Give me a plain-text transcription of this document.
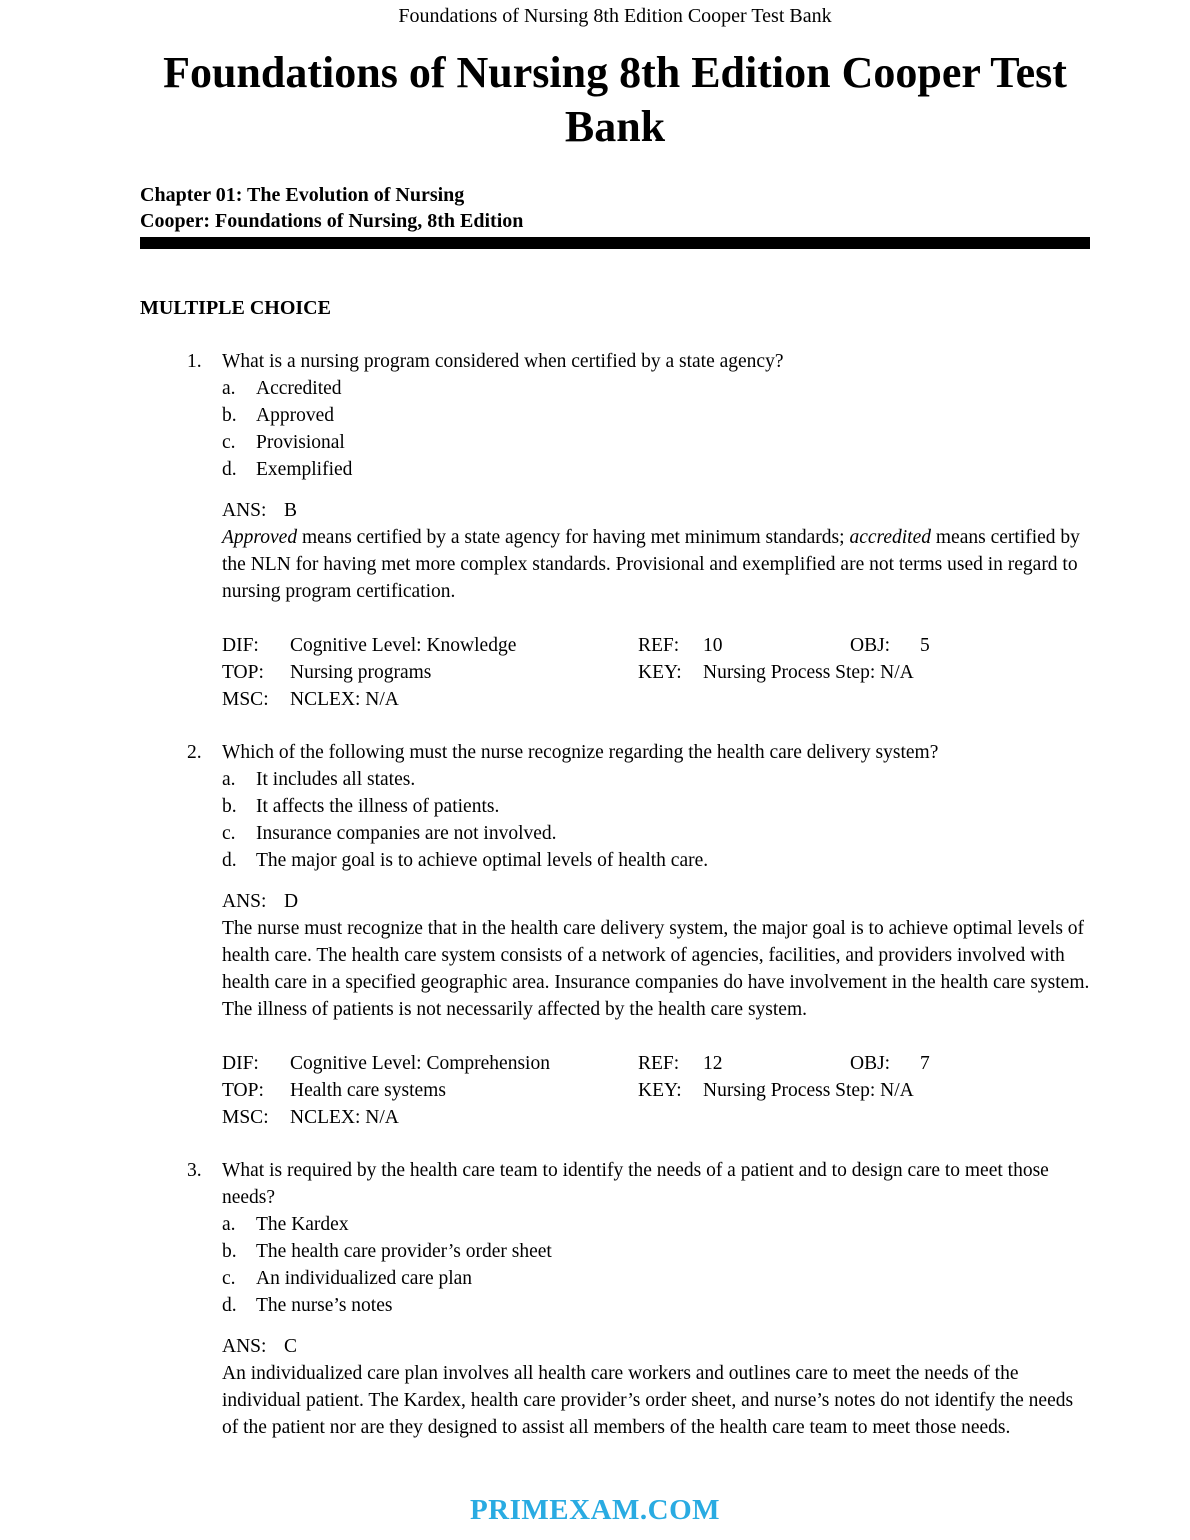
Foundations of Nursing 8th Edition Cooper Test Bank
Foundations of Nursing 8th Edition Cooper Test Bank
Chapter 01: The Evolution of Nursing
Cooper: Foundations of Nursing, 8th Edition
MULTIPLE CHOICE
1.	What is a nursing program considered when certified by a state agency?
a.	Accredited
b. Approved
c.	Provisional
d. Exemplified
ANS: B
Approved means certified by a state agency for having met minimum standards; accredited means certified by the NLN for having met more complex standards. Provisional and exemplified are not terms used in regard to nursing program certification.
DIF:	Cognitive Level: Knowledge	REF:	10	OBJ:	5
TOP:	Nursing programs	KEY:	Nursing Process Step: N/A
MSC:	NCLEX: N/A
2.	Which of the following must the nurse recognize regarding the health care delivery system?
a.	It includes all states.
b. It affects the illness of patients.
c.	Insurance companies are not involved.
d. The major goal is to achieve optimal levels of health care.
ANS: D
The nurse must recognize that in the health care delivery system, the major goal is to achieve optimal levels of health care. The health care system consists of a network of agencies, facilities, and providers involved with health care in a specified geographic area. Insurance companies do have involvement in the health care system. The illness of patients is not necessarily affected by the health care system.
DIF:	Cognitive Level: Comprehension	REF:	12	OBJ:	7
TOP:	Health care systems	KEY:	Nursing Process Step: N/A
MSC:	NCLEX: N/A
3.	What is required by the health care team to identify the needs of a patient and to design care to meet those needs?
a.	The Kardex
b. The health care provider’s order sheet
c.	An individualized care plan
d. The nurse’s notes
ANS: C
An individualized care plan involves all health care workers and outlines care to meet the needs of the individual patient. The Kardex, health care provider’s order sheet, and nurse’s notes do not identify the needs of the patient nor are they designed to assist all members of the health care team to meet those needs.
PRIMEXAM.COM
